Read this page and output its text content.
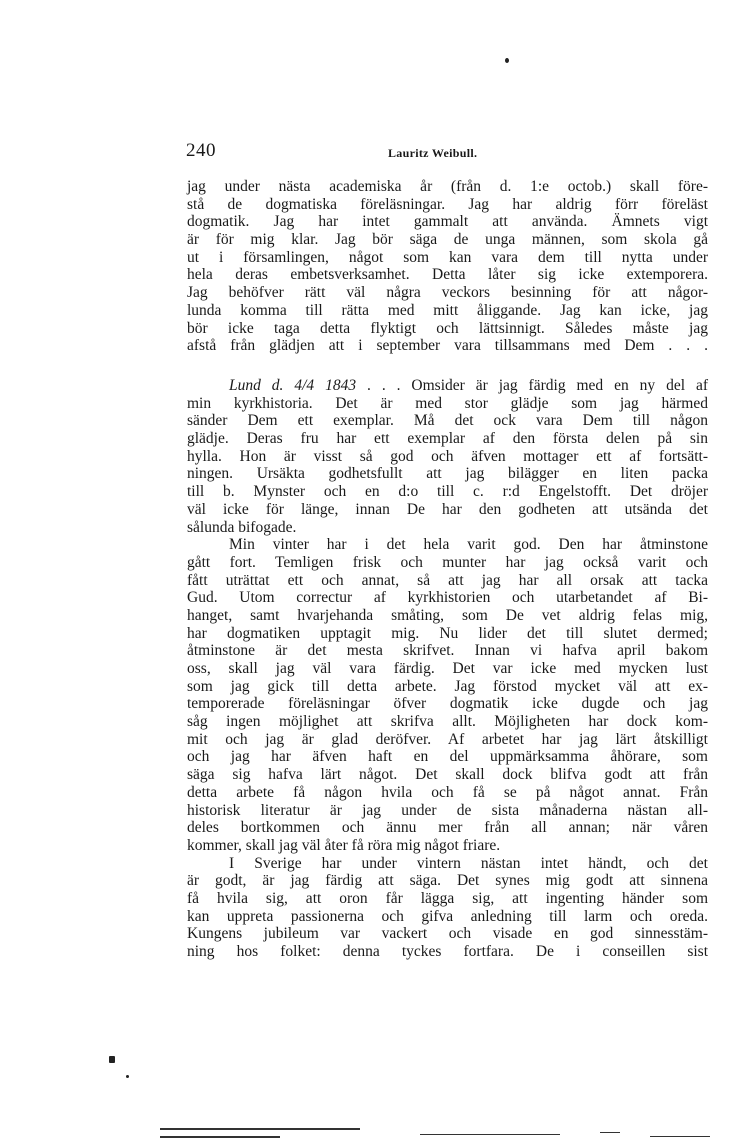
240	Lauritz Weibull.
jag under nästa academiska år (från d. 1:e octob.) skall före-
stå de dogmatiska föreläsningar. Jag har aldrig förr föreläst
dogmatik. Jag har intet gammalt att använda. Ämnets vigt
är för mig klar. Jag bör säga de unga männen, som skola gå
ut i församlingen, något som kan vara dem till nytta under
hela deras embetsverksamhet. Detta låter sig icke extemporera.
Jag behöfver rätt väl några veckors besinning för att någor-
lunda komma till rätta med mitt åliggande. Jag kan icke, jag
bör icke taga detta flyktigt och lättsinnigt. Således måste jag
afstå från glädjen att i september vara tillsammans med Dem . . .
Lund d. 4/4 1843 . . . Omsider är jag färdig med en ny del af
min kyrkhistoria. Det är med stor glädje som jag härmed
sänder Dem ett exemplar. Må det ock vara Dem till någon
glädje. Deras fru har ett exemplar af den första delen på sin
hylla. Hon är visst så god och äfven mottager ett af fortsätt-
ningen. Ursäkta godhetsfullt att jag bilägger en liten packa
till b. Mynster och en d:o till c. r:d Engelstofft. Det dröjer
väl icke för länge, innan De har den godheten att utsända det
sålunda bifogade.
Min vinter har i det hela varit god. Den har åtminstone
gått fort. Temligen frisk och munter har jag också varit och
fått uträttat ett och annat, så att jag har all orsak att tacka
Gud. Utom correctur af kyrkhistorien och utarbetandet af Bi-
hanget, samt hvarjehanda småting, som De vet aldrig felas mig,
har dogmatiken upptagit mig. Nu lider det till slutet dermed;
åtminstone är det mesta skrifvet. Innan vi hafva april bakom
oss, skall jag väl vara färdig. Det var icke med mycken lust
som jag gick till detta arbete. Jag förstod mycket väl att ex-
temporerade föreläsningar öfver dogmatik icke dugde och jag
såg ingen möjlighet att skrifva allt. Möjligheten har dock kom-
mit och jag är glad deröfver. Af arbetet har jag lärt åtskilligt
och jag har äfven haft en del uppmärksamma åhörare, som
säga sig hafva lärt något. Det skall dock blifva godt att från
detta arbete få någon hvila och få se på något annat. Från
historisk literatur är jag under de sista månaderna nästan all-
deles bortkommen och ännu mer från all annan; när våren
kommer, skall jag väl åter få röra mig något friare.
I Sverige har under vintern nästan intet händt, och det
är godt, är jag färdig att säga. Det synes mig godt att sinnena
få hvila sig, att oron får lägga sig, att ingenting händer som
kan uppreta passionerna och gifva anledning till larm och oreda.
Kungens jubileum var vackert och visade en god sinnesstäm-
ning hos folket: denna tyckes fortfara. De i conseillen sist
